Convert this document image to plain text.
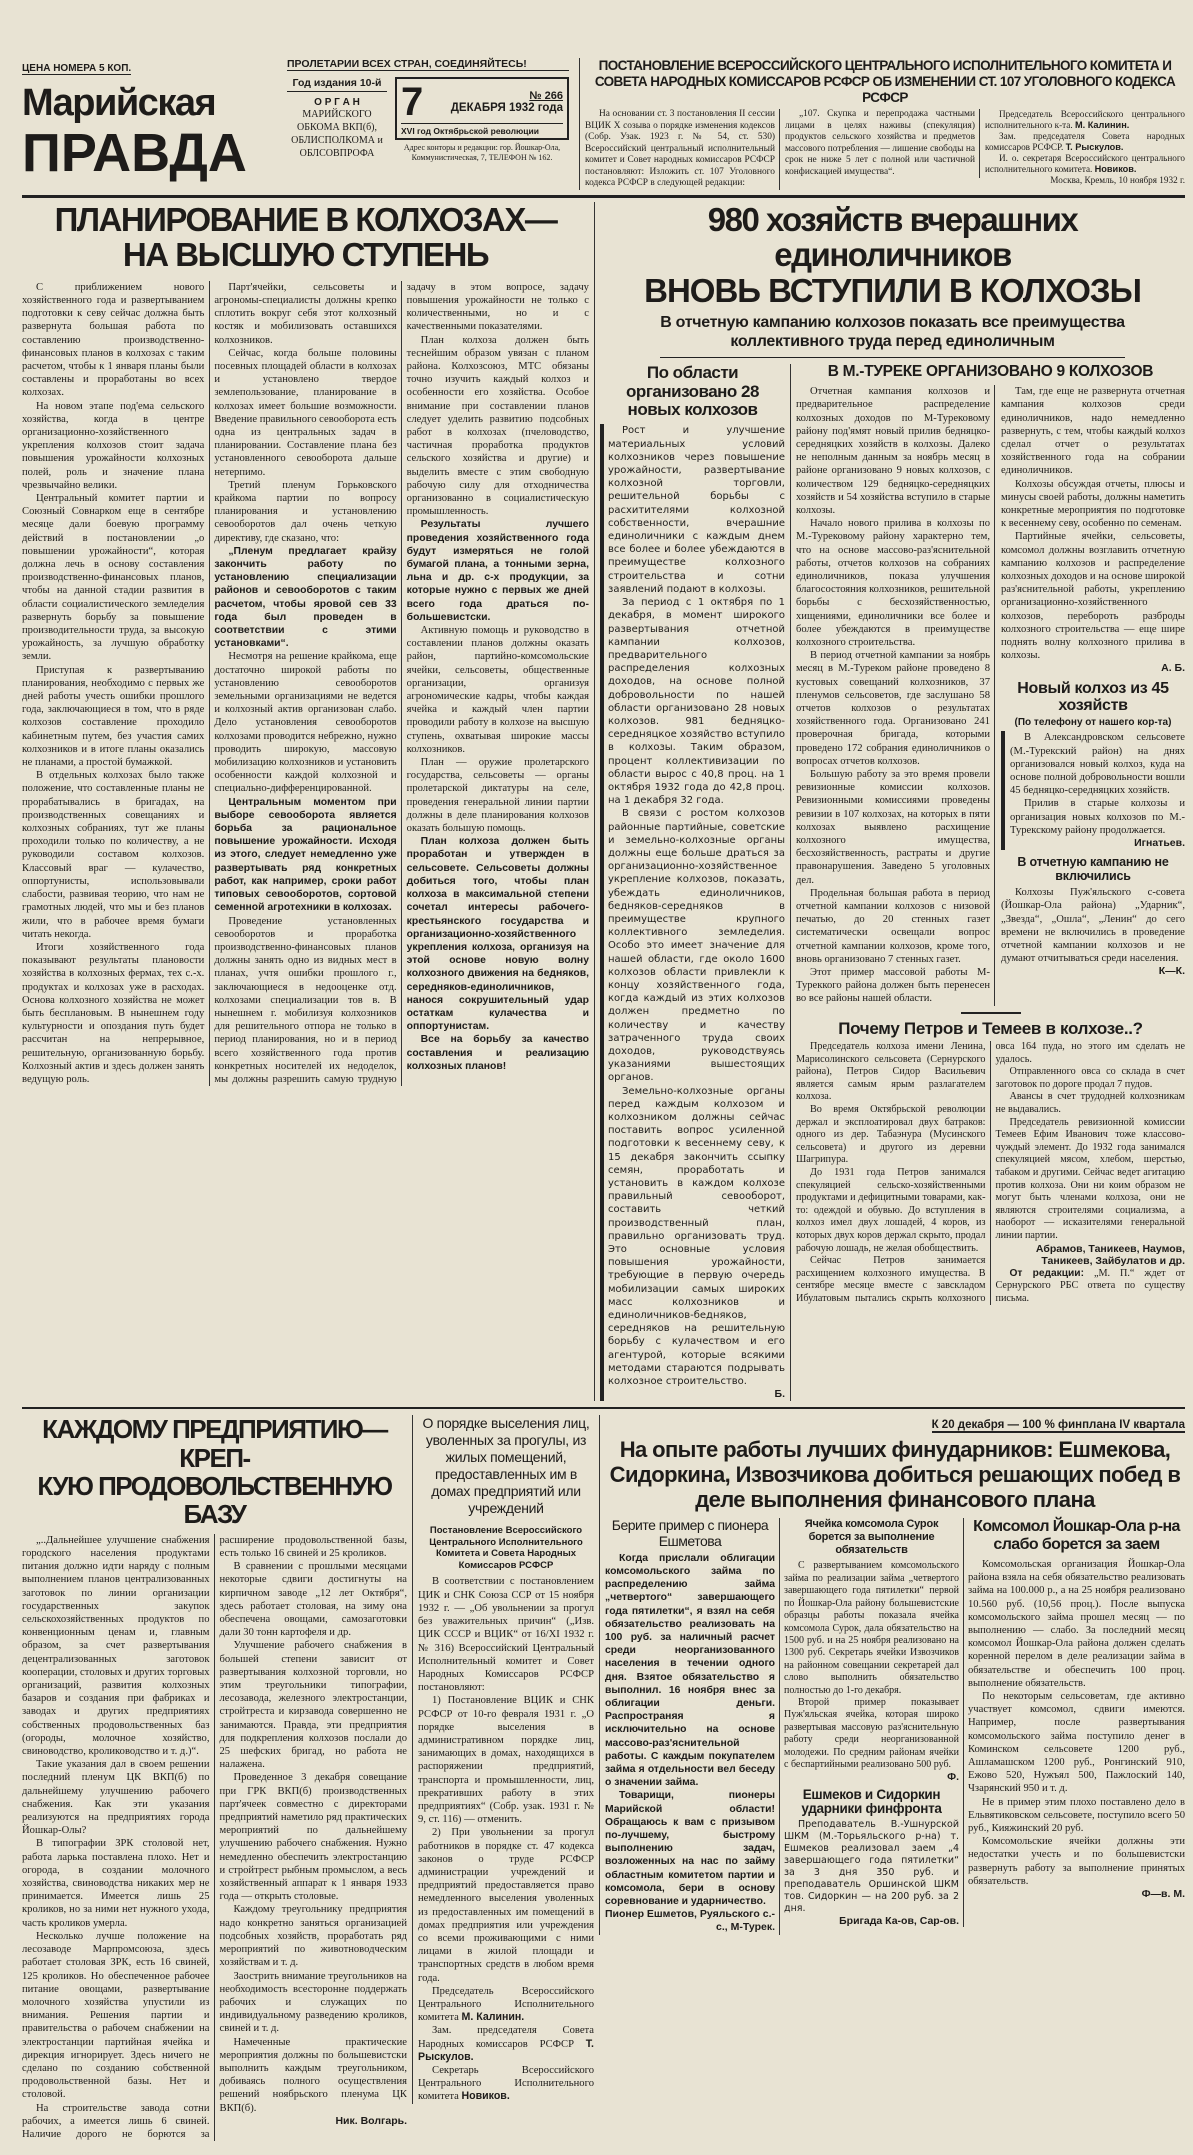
ЦЕНА НОМЕРА 5 КОП.
Марийская
ПРАВДА
ПРОЛЕТАРИИ ВСЕХ СТРАН, СОЕДИНЯЙТЕСЬ!
Год издания 10-й
О Р Г А Н
МАРИЙСКОГО ОБКОМА ВКП(б), ОБЛИСПОЛКОМА и ОБЛСОВПРОФА
7	№ 266
ДЕКАБРЯ 1932 года
XVI год Октябрьской революции
Адрес конторы и редакции: гор. Йошкар-Ола, Коммунистическая, 7, ТЕЛЕФОН № 162.
ПОСТАНОВЛЕНИЕ ВСЕРОССИЙСКОГО ЦЕНТРАЛЬНОГО ИСПОЛНИТЕЛЬНОГО КОМИТЕТА И СОВЕТА НАРОДНЫХ КОМИССАРОВ РСФСР ОБ ИЗМЕНЕНИИ СТ. 107 УГОЛОВНОГО КОДЕКСА РСФСР

На основании ст. 3 постановления II сессии ВЦИК X созыва о порядке изменения кодексов (Собр. Узак. 1923 г. № 54, ст. 530) Всероссийский центральный исполнительный комитет и Совет народных комиссаров РСФСР постановляют: Изложить ст. 107 Уголовного кодекса РСФСР в следующей редакции:

„107. Скупка и перепродажа частными лицами в целях наживы (спекуляция) продуктов сельского хозяйства и предметов массового потребления — лишение свободы на срок не ниже 5 лет с полной или частичной конфискацией имущества“.

Председатель Всероссийского центрального исполнительного к-та. М. Калинин.

Зам. председателя Совета народных комиссаров РСФСР. Т. Рыскулов.

И. о. секретаря Всероссийского центрального исполнительного комитета. Новиков.

Москва, Кремль, 10 ноября 1932 г.
ПЛАНИРОВАНИЕ В КОЛХОЗАХ—
НА ВЫСШУЮ СТУПЕНЬ

С приближением нового хозяйственного года и развертыванием подготовки к севу сейчас должна быть развернута большая работа по составлению производственно-финансовых планов в колхозах с таким расчетом, чтобы к 1 января планы были составлены и проработаны во всех колхозах.

На новом этапе под'ема сельского хозяйства, когда в центре организационно-хозяйственного укрепления колхозов стоит задача повышения урожайности колхозных полей, роль и значение плана чрезвычайно велики.

Центральный комитет партии и Союзный Совнарком еще в сентябре месяце дали боевую программу действий в постановлении „о повышении урожайности“, которая должна лечь в основу составления производственно-финансовых планов, чтобы на данной стадии развития в области социалистического земледелия развернуть борьбу за повышение производительности труда, за высокую урожайность, за лучшую обработку земли.

Приступая к развертыванию планирования, необходимо с первых же дней работы учесть ошибки прошлого года, заключающиеся в том, что в ряде колхозов составление проходило кабинетным путем, без участия самих колхозников и в итоге планы оказались не планами, а простой бумажкой.

В отдельных колхозах было также положение, что составленные планы не прорабатывались в бригадах, на производственных совещаниях и колхозных собраниях, тут же планы проходили только по количеству, а не руководили составом колхозов. Классовый враг — кулачество, оппортунисты, использовывали слабости, развивая теорию, что нам не грамотных людей, что мы и без планов жили, что в рабочее время бумаги читать некогда.

Итоги хозяйственного года показывают результаты плановости хозяйства в колхозных фермах, тех с.-х. продуктах и колхозах уже в расходах. Основа колхозного хозяйства не может быть бесплановым. В нынешнем году культурности и опоздания путь будет рассчитан на непрерывное, решительную, организованную борьбу. Колхозный актив и здесь должен занять ведущую роль.

Парт'ячейки, сельсоветы и агрономы-специалисты должны крепко сплотить вокруг себя этот колхозный костяк и мобилизовать оставшихся колхозников.

Сейчас, когда больше половины посевных площадей области в колхозах и установлено твердое землепользование, планирование в колхозах имеет большие возможности. Введение правильного севооборота есть одна из центральных задач в планировании. Составление плана без установленного севооборота дальше нетерпимо.

Третий пленум Горьковского крайкома партии по вопросу планирования и установлению севооборотов дал очень четкую директиву, где сказано, что:

„Пленум предлагает крайзу закончить работу по установлению специализации районов и севооборотов с таким расчетом, чтобы яровой сев 33 года был проведен в соответствии с этими установками“.

Несмотря на решение крайкома, еще достаточно широкой работы по установлению севооборотов земельными организациями не ведется и колхозный актив организован слабо. Дело установления севооборотов колхозами проводится небрежно, нужно проводить широкую, массовую мобилизацию колхозников и установить особенности каждой колхозной и специально-дифференцированной.

Центральным моментом при выборе севооборота является борьба за рациональное повышение урожайности. Исходя из этого, следует немедленно уже развертывать ряд конкретных работ, как например, сроки работ типовых севооборотов, сортовой семенной агротехники в колхозах.

Проведение установленных севооборотов и проработка производственно-финансовых планов должны занять одно из видных мест в планах, учтя ошибки прошлого г., заключающиеся в недооценке отд. колхозами специализации тов в. В нынешнем г. мобилизуя колхозников для решительного отпора не только в период планирования, но и в период всего хозяйственного года против конкретных носителей их недоделок, мы должны разрешить самую трудную задачу в этом вопросе, задачу повышения урожайности не только с количественными, но и с качественными показателями.

План колхоза должен быть теснейшим образом увязан с планом района. Колхозсоюз, МТС обязаны точно изучить каждый колхоз и особенности его хозяйства. Особое внимание при составлении планов следует уделить развитию подсобных работ в колхозах (пчеловодство, частичная проработка продуктов сельского хозяйства и другие) и выделить вместе с этим свободную рабочую силу для отходничества организованно в социалистическую промышленность.

Результаты лучшего проведения хозяйственного года будут измеряться не голой бумагой плана, а тонными зерна, льна и др. с-х продукции, за которые нужно с первых же дней всего года драться по-большевистски.

Активную помощь и руководство в составлении планов должны оказать район, партийно-комсомольские ячейки, сельсоветы, общественные организации, организуя агрономические кадры, чтобы каждая ячейка и каждый член партии проводили работу в колхозе на высшую ступень, охватывая широкие массы колхозников.

План — оружие пролетарского государства, сельсоветы — органы пролетарской диктатуры на селе, проведения генеральной линии партии должны в деле планирования колхозов оказать большую помощь.

План колхоза должен быть проработан и утвержден в сельсовете. Сельсоветы должны добиться того, чтобы план колхоза в максимальной степени сочетал интересы рабочего-крестьянского государства и организационно-хозяйственного укрепления колхоза, организуя на этой основе новую волну колхозного движения на бедняков, середняков-единоличников, нанося сокрушительный удар остаткам кулачества и оппортунистам.

Все на борьбу за качество составления и реализацию колхозных планов!

980 хозяйств вчерашних единоличников
ВНОВЬ ВСТУПИЛИ В КОЛХОЗЫ
В отчетную кампанию колхозов показать все преимущества коллективного труда перед единоличным
По области организовано 28 новых колхозов

Рост и улучшение материальных условий колхозников через повышение урожайности, развертывание колхозной торговли, решительной борьбы с расхитителями колхозной собственности, вчерашние единоличники с каждым днем все более и более убеждаются в преимуществе колхозного строительства и сотни заявлений подают в колхозы.

За период с 1 октября по 1 декабря, в момент широкого развертывания отчетной кампании колхозов, предварительного распределения колхозных доходов, на основе полной добровольности по нашей области организовано 28 новых колхозов. 981 бедняцко-середняцкое хозяйство вступило в колхозы. Таким образом, процент коллективизации по области вырос с 40,8 проц. на 1 октября 1932 года до 42,8 проц. на 1 декабря 32 года.

В связи с ростом колхозов районные партийные, советские и земельно-колхозные органы должны еще больше драться за организационно-хозяйственное укрепление колхозов, показать, убеждать единоличников, бедняков-середняков в преимуществе крупного коллективного земледелия. Особо это имеет значение для нашей области, где около 1600 колхозов области привлекли к концу хозяйственного года, когда каждый из этих колхозов должен предметно по количеству и качеству затраченного труда своих доходов, руководствуясь указаниями вышестоящих органов.

Земельно-колхозные органы перед каждым колхозом и колхозником должны сейчас поставить вопрос усиленной подготовки к весеннему севу, к 15 декабря закончить ссыпку семян, проработать и установить в каждом колхозе правильный севооборот, составить четкий производственный план, правильно организовать труд. Это основные условия повышения урожайности, требующие в первую очередь мобилизации самых широких масс колхозников и единоличников-бедняков, середняков на решительную борьбу с кулачеством и его агентурой, которые всякими методами стараются подрывать колхозное строительство.

Б.
В М.-ТУРЕКЕ ОРГАНИЗОВАНО 9 КОЛХОЗОВ

Отчетная кампания колхозов и предварительное распределение колхозных доходов по М-Турековому району под'ямят новый прилив бедняцко-середняцких хозяйств в колхозы. Далеко не неполным данным за ноябрь месяц в районе организовано 9 новых колхозов, с количеством 129 бедняцко-середняцких хозяйств и 54 хозяйства вступило в старые колхозы.

Начало нового прилива в колхозы по М.-Турековому району характерно тем, что на основе массово-раз'яснительной работы, отчетов колхозов на собраниях единоличников, показа улучшения благосостояния колхозников, решительной борьбы с бесхозяйственностью, хищениями, единоличники все более и более убеждаются в преимуществе колхозного строительства.

В период отчетной кампании за ноябрь месяц в М.-Туреком районе проведено 8 кустовых совещаний колхозников, 37 пленумов сельсоветов, где заслушано 58 отчетов колхозов о результатах хозяйственного года. Организовано 241 проверочная бригада, которыми проведено 172 собрания единоличников о вопросах отчетов колхозов.

Большую работу за это время провели ревизионные комиссии колхозов. Ревизионными комиссиями проведены ревизии в 107 колхозах, на которых в пяти колхозах выявлено расхищение колхозного имущества, бесхозяйственность, растраты и другие правонарушения. Заведено 5 уголовных дел.

Продельная большая работа в период отчетной кампании колхозов с низовой печатью, до 20 стенных газет систематически освещали вопрос отчетной кампании колхозов, кроме того, вновь организовано 7 стенных газет.

Этот пример массовой работы М-Туреккого района должен быть перенесен во все районы нашей области.

Там, где еще не развернута отчетная кампания колхозов среди единоличников, надо немедленно развернуть, с тем, чтобы каждый колхоз сделал отчет о результатах хозяйственного года на собрании единоличников.

Колхозы обсуждая отчеты, плюсы и минусы своей работы, должны наметить конкретные мероприятия по подготовке к весеннему севу, особенно по семенам.

Партийные ячейки, сельсоветы, комсомол должны возглавить отчетную кампанию колхозов и распределение колхозных доходов и на основе широкой раз'яснительной работы, укреплению организационно-хозяйственного колхозов, перебороть разброды колхозного строительства — еще шире поднять волну колхозного прилива в колхозы.

А. Б.
Новый колхоз из 45 хозяйств
(По телефону от нашего кор-та)

В Александровском сельсовете (М.-Турекский район) на днях организовался новый колхоз, куда на основе полной добровольности вошли 45 бедняцко-середняцких хозяйств.

Прилив в старые колхозы и организация новых колхозов по М.-Турекскому району продолжается.

Игнатьев.
В отчетную кампанию не включились

Колхозы Пуж'яльского с-совета (Йошкар-Ола района) „Ударник“, „Звезда“, „Ошла“, „Ленин“ до сего времени не включились в проведение отчетной кампании колхозов и не думают отчитываться среди населения.

К—К.
Почему Петров и Темеев в колхозе..?

Председатель колхоза имени Ленина, Марисолинского сельсовета (Сернурского района), Петров Сидор Васильевич является самым ярым разлагателем колхоза.

Во время Октябрьской революции держал и эксплоатировал двух батраков: одного из дер. Табаэнура (Мусинского сельсовета) и другого из деревни Шагрипура.

До 1931 года Петров занимался спекуляцией сельско-хозяйственными продуктами и дефицитными товарами, как-то: одеждой и обувью. До вступления в колхоз имел двух лошадей, 4 коров, из которых двух коров держал скрыто, продал рабочую лошадь, не желая обобществить.

Сейчас Петров занимается расхищением колхозного имущества. В сентябре месяце вместе с завскладом Ибулатовым пытались скрыть колхозного овса 164 пуда, но этого им сделать не удалось.

Отправленного овса со склада в счет заготовок по дороге продал 7 пудов.

Авансы в счет трудодней колхозникам не выдавались.

Председатель ревизионной комиссии Темеев Ефим Иванович тоже классово-чуждый элемент. До 1932 года занимался спекуляцией мясом, хлебом, шерстью, табаком и другими. Сейчас ведет агитацию против колхоза. Они ни коим образом не могут быть членами колхоза, они не являются строителями социализма, а наоборот — исказителями генеральной линии партии.

Абрамов, Таникеев, Наумов, Таникеев, Зайбулатов и др.

От редакции: „М. П.“ ждет от Сернурского РБС ответа по существу письма.

КАЖДОМУ ПРЕДПРИЯТИЮ—КРЕП-
КУЮ ПРОДОВОЛЬСТВЕННУЮ БАЗУ

„..Дальнейшее улучшение снабжения городского населения продуктами питания должно идти наряду с полным выполнением планов централизованных заготовок по линии организации государственных закупок сельскохозяйственных продуктов по конвенционным ценам и, главным образом, за счет развертывания децентрализованных заготовок кооперации, столовых и других торговых организаций, развития колхозных базаров и создания при фабриках и заводах и других предприятиях собственных продовольственных баз (огороды, молочное хозяйство, свиноводство, кролиководство и т. д.)“.

Такие указания дал в своем решении последний пленум ЦК ВКП(б) по дальнейшему улучшению рабочего снабжения. Как эти указания реализуются на предприятиях города Йошкар-Олы?

В типографии ЗРК столовой нет, работа ларька поставлена плохо. Нет и огорода, в создании молочного хозяйства, свиноводства никаких мер не принимается. Имеется лишь 25 кроликов, но за ними нет нужного ухода, часть кроликов умерла.

Несколько лучше положение на лесозаводе Марпромсоюза, здесь работает столовая ЗРК, есть 16 свиней, 125 кроликов. Но обеспеченное рабочее питание овощами, развертывание молочного хозяйства упустили из внимания. Решения партии и правительства о рабочем снабжении на электростанции партийная ячейка и дирекция игнорирует. Здесь ничего не сделано по созданию собственной продовольственной базы. Нет и столовой.

На строительстве завода сотни рабочих, а имеется лишь 6 свиней. Наличие дорого не борются за расширение продовольственной базы, есть только 16 свиней и 25 кроликов.

В сравнении с прошлыми месяцами некоторые сдвиги достигнуты на кирпичном заводе „12 лет Октября“, здесь работает столовая, на зиму она обеспечена овощами, самозаготовки дали 30 тонн картофеля и др.

Улучшение рабочего снабжения в большей степени зависит от развертывания колхозной торговли, но этим треугольники типографии, лесозавода, железного электростанции, стройтреста и кирзавода совершенно не занимаются. Правда, эти предприятия для подкрепления колхозов послали до 25 шефских бригад, но работа не налажена.

Проведенное 3 декабря совещание при ГРК ВКП(б) производственных парт'ячеек совместно с директорами предприятий наметило ряд практических мероприятий по дальнейшему улучшению рабочего снабжения. Нужно немедленно обеспечить электростанцию и стройтрест рыбным промыслом, а весь хозяйственный аппарат к 1 января 1933 года — открыть столовые.

Каждому треугольнику предприятия надо конкретно заняться организацией подсобных хозяйств, проработать ряд мероприятий по животноводческим хозяйствам и т. д.

Заострить внимание треугольников на необходимость всесторонне поддержать рабочих и служащих по индивидуальному разведению кроликов, свиней и т. д.

Намеченные практические мероприятия должны по большевистски выполнить каждым треугольником, добиваясь полного осуществления решений ноябрьского пленума ЦК ВКП(б).

Ник. Волгарь.
О порядке выселения лиц, уволенных за прогулы, из жилых помещений, предоставленных им в домах предприятий или учреждений
Постановление Всероссийского Центрального Исполнительного Комитета и Совета Народных Комиссаров РСФСР

В соответствии с постановлением ЦИК и СНК Союза ССР от 15 ноября 1932 г. — „Об увольнении за прогул без уважительных причин“ („Изв. ЦИК СССР и ВЦИК“ от 16/XI 1932 г. № 316) Всероссийский Центральный Исполнительный комитет и Совет Народных Комиссаров РСФСР постановляют:

1) Постановление ВЦИК и СНК РСФСР от 10-го февраля 1931 г. „О порядке выселения в административном порядке лиц, занимающих в домах, находящихся в распоряжении предприятий, транспорта и промышленности, лиц, прекративших работу в этих предприятиях“ (Собр. узак. 1931 г. № 9, ст. 116) — отменить.

2) При увольнении за прогул работников в порядке ст. 47 кодекса законов о труде РСФСР администрации учреждений и предприятий предоставляется право немедленного выселения уволенных из предоставленных им помещений в домах предприятия или учреждения со всеми проживающими с ними лицами в жилой площади и транспортных средств в любом время года.

Председатель Всероссийского Центрального Исполнительного комитета М. Калинин.

Зам. председателя Совета Народных комиссаров РСФСР Т. Рыскулов.

Секретарь Всероссийского Центрального Исполнительного комитета Новиков.

К 20 декабря — 100 % финплана IV квартала
На опыте работы лучших финударников: Ешмекова, Сидоркина, Извозчикова добиться решающих побед в деле выполнения финансового плана
Берите пример с пионера Ешметова

Когда прислали облигации комсомольского займа по распределению займа „четвертого“ завершающего года пятилетки“, я взял на себя обязательство реализовать на 100 руб. за наличный расчет среди неорганизованного населения в течении одного дня. Взятое обязательство я выполнил. 16 ноября внес за облигации деньги. Распространяя я исключительно на основе массово-раз'яснительной работы. С каждым покупателем займа я отдельности вел беседу о значении займа.

Товарищи, пионеры Марийской области! Обращаюсь к вам с призывом по-лучшему, быстрому выполнению задач, возложенных на нас по займу областным комитетом партии и комсомола, бери в основу соревнование и ударничество.

Пионер Ешметов, Руяльского с.-с., М-Турек.
Ячейка комсомола Сурок борется за выполнение обязательств

С развертыванием комсомольского займа по реализации займа „четвертого завершающего года пятилетки“ первой по Йошкар-Ола району большевистские образцы работы показала ячейка комсомола Сурок, дала обязательство на 1500 руб. и на 25 ноября реализовано на 1300 руб. Секретарь ячейки Извозчиков на районном совещании секретарей дал слово выполнить обязательство полностью до 1-го декабря.

Второй пример показывает Пуж'яльская ячейка, которая широко развертывая массовую раз'яснительную работу среди неорганизованной молодежи. По средним районам ячейки с беспартийными реализовано 500 руб.

Ф.
Ешмеков и Сидоркин ударники финфронта

Преподаватель В.-Ушнурской ШКМ (М.-Торьяльского р-на) т. Ешмеков реализовал заем „4 завершающего года пятилетки“ за 3 дня 350 руб. и преподаватель Оршинской ШКМ тов. Сидоркин — на 200 руб. за 2 дня.

Бригада Ка-ов, Сар-ов.
Комсомол Йошкар-Ола р-на слабо борется за заем

Комсомольская организация Йошкар-Ола района взяла на себя обязательство реализовать займа на 100.000 р., а на 25 ноября реализовано 10.560 руб. (10,56 проц.). После выпуска комсомольского займа прошел месяц — по выполнению — слабо. За последний месяц комсомол Йошкар-Ола района должен сделать коренной перелом в деле реализации займа в обязательстве и обеспечить 100 проц. выполнение обязательств.

По некоторым сельсоветам, где активно участвует комсомол, сдвиги имеются. Например, после развертывания комсомольского займа поступило денег в Коминском сельсовете 1200 руб., Ашламашском 1200 руб., Ронгинский 910, Ежово 520, Нужъял 500, Пажлоский 140, Чзарянский 950 и т. д.

Не в пример этим плохо поставлено дело в Ельвятиковском сельсовете, поступило всего 50 руб., Кияжинский 20 руб.

Комсомольские ячейки должны эти недостатки учесть и по большевистски развернуть работу за выполнение принятых обязательств.

Ф—в. М.
